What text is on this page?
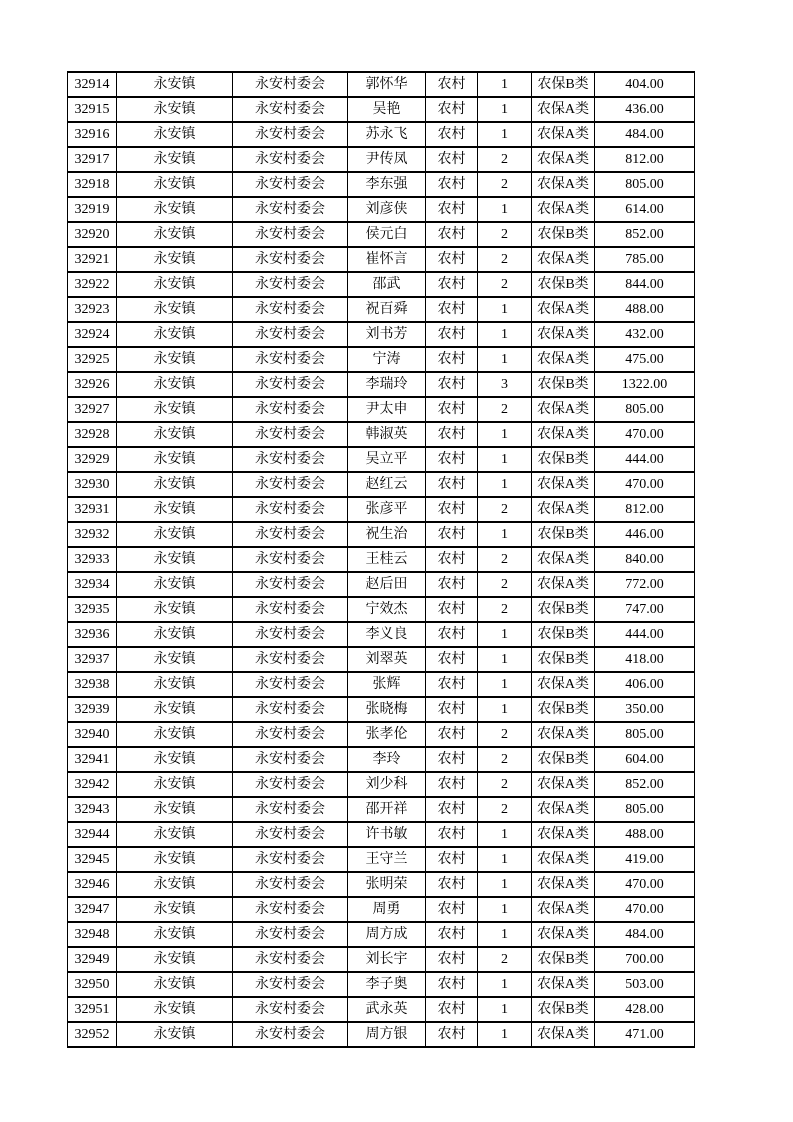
32914	永安镇	永安村委会	郭怀华	农村	1	农保B类	404.00
32915	永安镇	永安村委会	吴艳	农村	1	农保A类	436.00
32916	永安镇	永安村委会	苏永飞	农村	1	农保A类	484.00
32917	永安镇	永安村委会	尹传凤	农村	2	农保A类	812.00
32918	永安镇	永安村委会	李东强	农村	2	农保A类	805.00
32919	永安镇	永安村委会	刘彦侠	农村	1	农保A类	614.00
32920	永安镇	永安村委会	侯元白	农村	2	农保B类	852.00
32921	永安镇	永安村委会	崔怀言	农村	2	农保A类	785.00
32922	永安镇	永安村委会	邵武	农村	2	农保B类	844.00
32923	永安镇	永安村委会	祝百舜	农村	1	农保A类	488.00
32924	永安镇	永安村委会	刘书芳	农村	1	农保A类	432.00
32925	永安镇	永安村委会	宁涛	农村	1	农保A类	475.00
32926	永安镇	永安村委会	李瑞玲	农村	3	农保B类	1322.00
32927	永安镇	永安村委会	尹太申	农村	2	农保A类	805.00
32928	永安镇	永安村委会	韩淑英	农村	1	农保A类	470.00
32929	永安镇	永安村委会	吴立平	农村	1	农保B类	444.00
32930	永安镇	永安村委会	赵红云	农村	1	农保A类	470.00
32931	永安镇	永安村委会	张彦平	农村	2	农保A类	812.00
32932	永安镇	永安村委会	祝生治	农村	1	农保B类	446.00
32933	永安镇	永安村委会	王桂云	农村	2	农保A类	840.00
32934	永安镇	永安村委会	赵后田	农村	2	农保A类	772.00
32935	永安镇	永安村委会	宁效杰	农村	2	农保B类	747.00
32936	永安镇	永安村委会	李义良	农村	1	农保B类	444.00
32937	永安镇	永安村委会	刘翠英	农村	1	农保B类	418.00
32938	永安镇	永安村委会	张辉	农村	1	农保A类	406.00
32939	永安镇	永安村委会	张晓梅	农村	1	农保B类	350.00
32940	永安镇	永安村委会	张孝伦	农村	2	农保A类	805.00
32941	永安镇	永安村委会	李玲	农村	2	农保B类	604.00
32942	永安镇	永安村委会	刘少科	农村	2	农保A类	852.00
32943	永安镇	永安村委会	邵开祥	农村	2	农保A类	805.00
32944	永安镇	永安村委会	许书敏	农村	1	农保A类	488.00
32945	永安镇	永安村委会	王守兰	农村	1	农保A类	419.00
32946	永安镇	永安村委会	张明荣	农村	1	农保A类	470.00
32947	永安镇	永安村委会	周勇	农村	1	农保A类	470.00
32948	永安镇	永安村委会	周方成	农村	1	农保A类	484.00
32949	永安镇	永安村委会	刘长宇	农村	2	农保B类	700.00
32950	永安镇	永安村委会	李子奥	农村	1	农保A类	503.00
32951	永安镇	永安村委会	武永英	农村	1	农保B类	428.00
32952	永安镇	永安村委会	周方银	农村	1	农保A类	471.00
